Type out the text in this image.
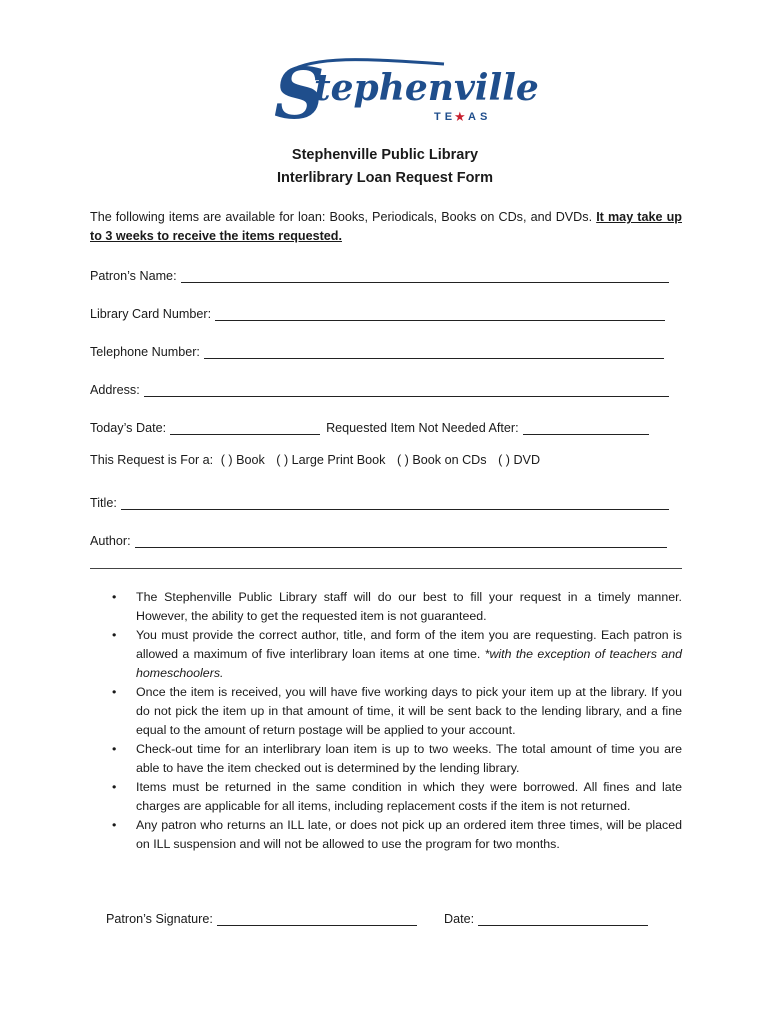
S
tephenville
TE
★ AS
Stephenville Public Library
Interlibrary Loan Request Form
The following items are available for loan: Books, Periodicals, Books on CDs, and DVDs. It may take up to 3 weeks to receive the items requested.
Patron’s Name:
Library Card Number:
Telephone Number:
Address:
Today’s Date:	Requested Item Not Needed After:
This Request is For a: ( ) Book ( ) Large Print Book ( ) Book on CDs ( ) DVD
Title:
Author:
• The Stephenville Public Library staff will do our best to fill your request in a timely manner. However, the ability to get the requested item is not guaranteed.
• You must provide the correct author, title, and form of the item you are requesting. Each patron is allowed a maximum of five interlibrary loan items at one time. *with the exception of teachers and homeschoolers.
• Once the item is received, you will have five working days to pick your item up at the library. If you do not pick the item up in that amount of time, it will be sent back to the lending library, and a fine equal to the amount of return postage will be applied to your account.
• Check-out time for an interlibrary loan item is up to two weeks. The total amount of time you are able to have the item checked out is determined by the lending library.
• Items must be returned in the same condition in which they were borrowed. All fines and late charges are applicable for all items, including replacement costs if the item is not returned.
• Any patron who returns an ILL late, or does not pick up an ordered item three times, will be placed on ILL suspension and will not be allowed to use the program for two months.
Patron’s Signature:	Date:
